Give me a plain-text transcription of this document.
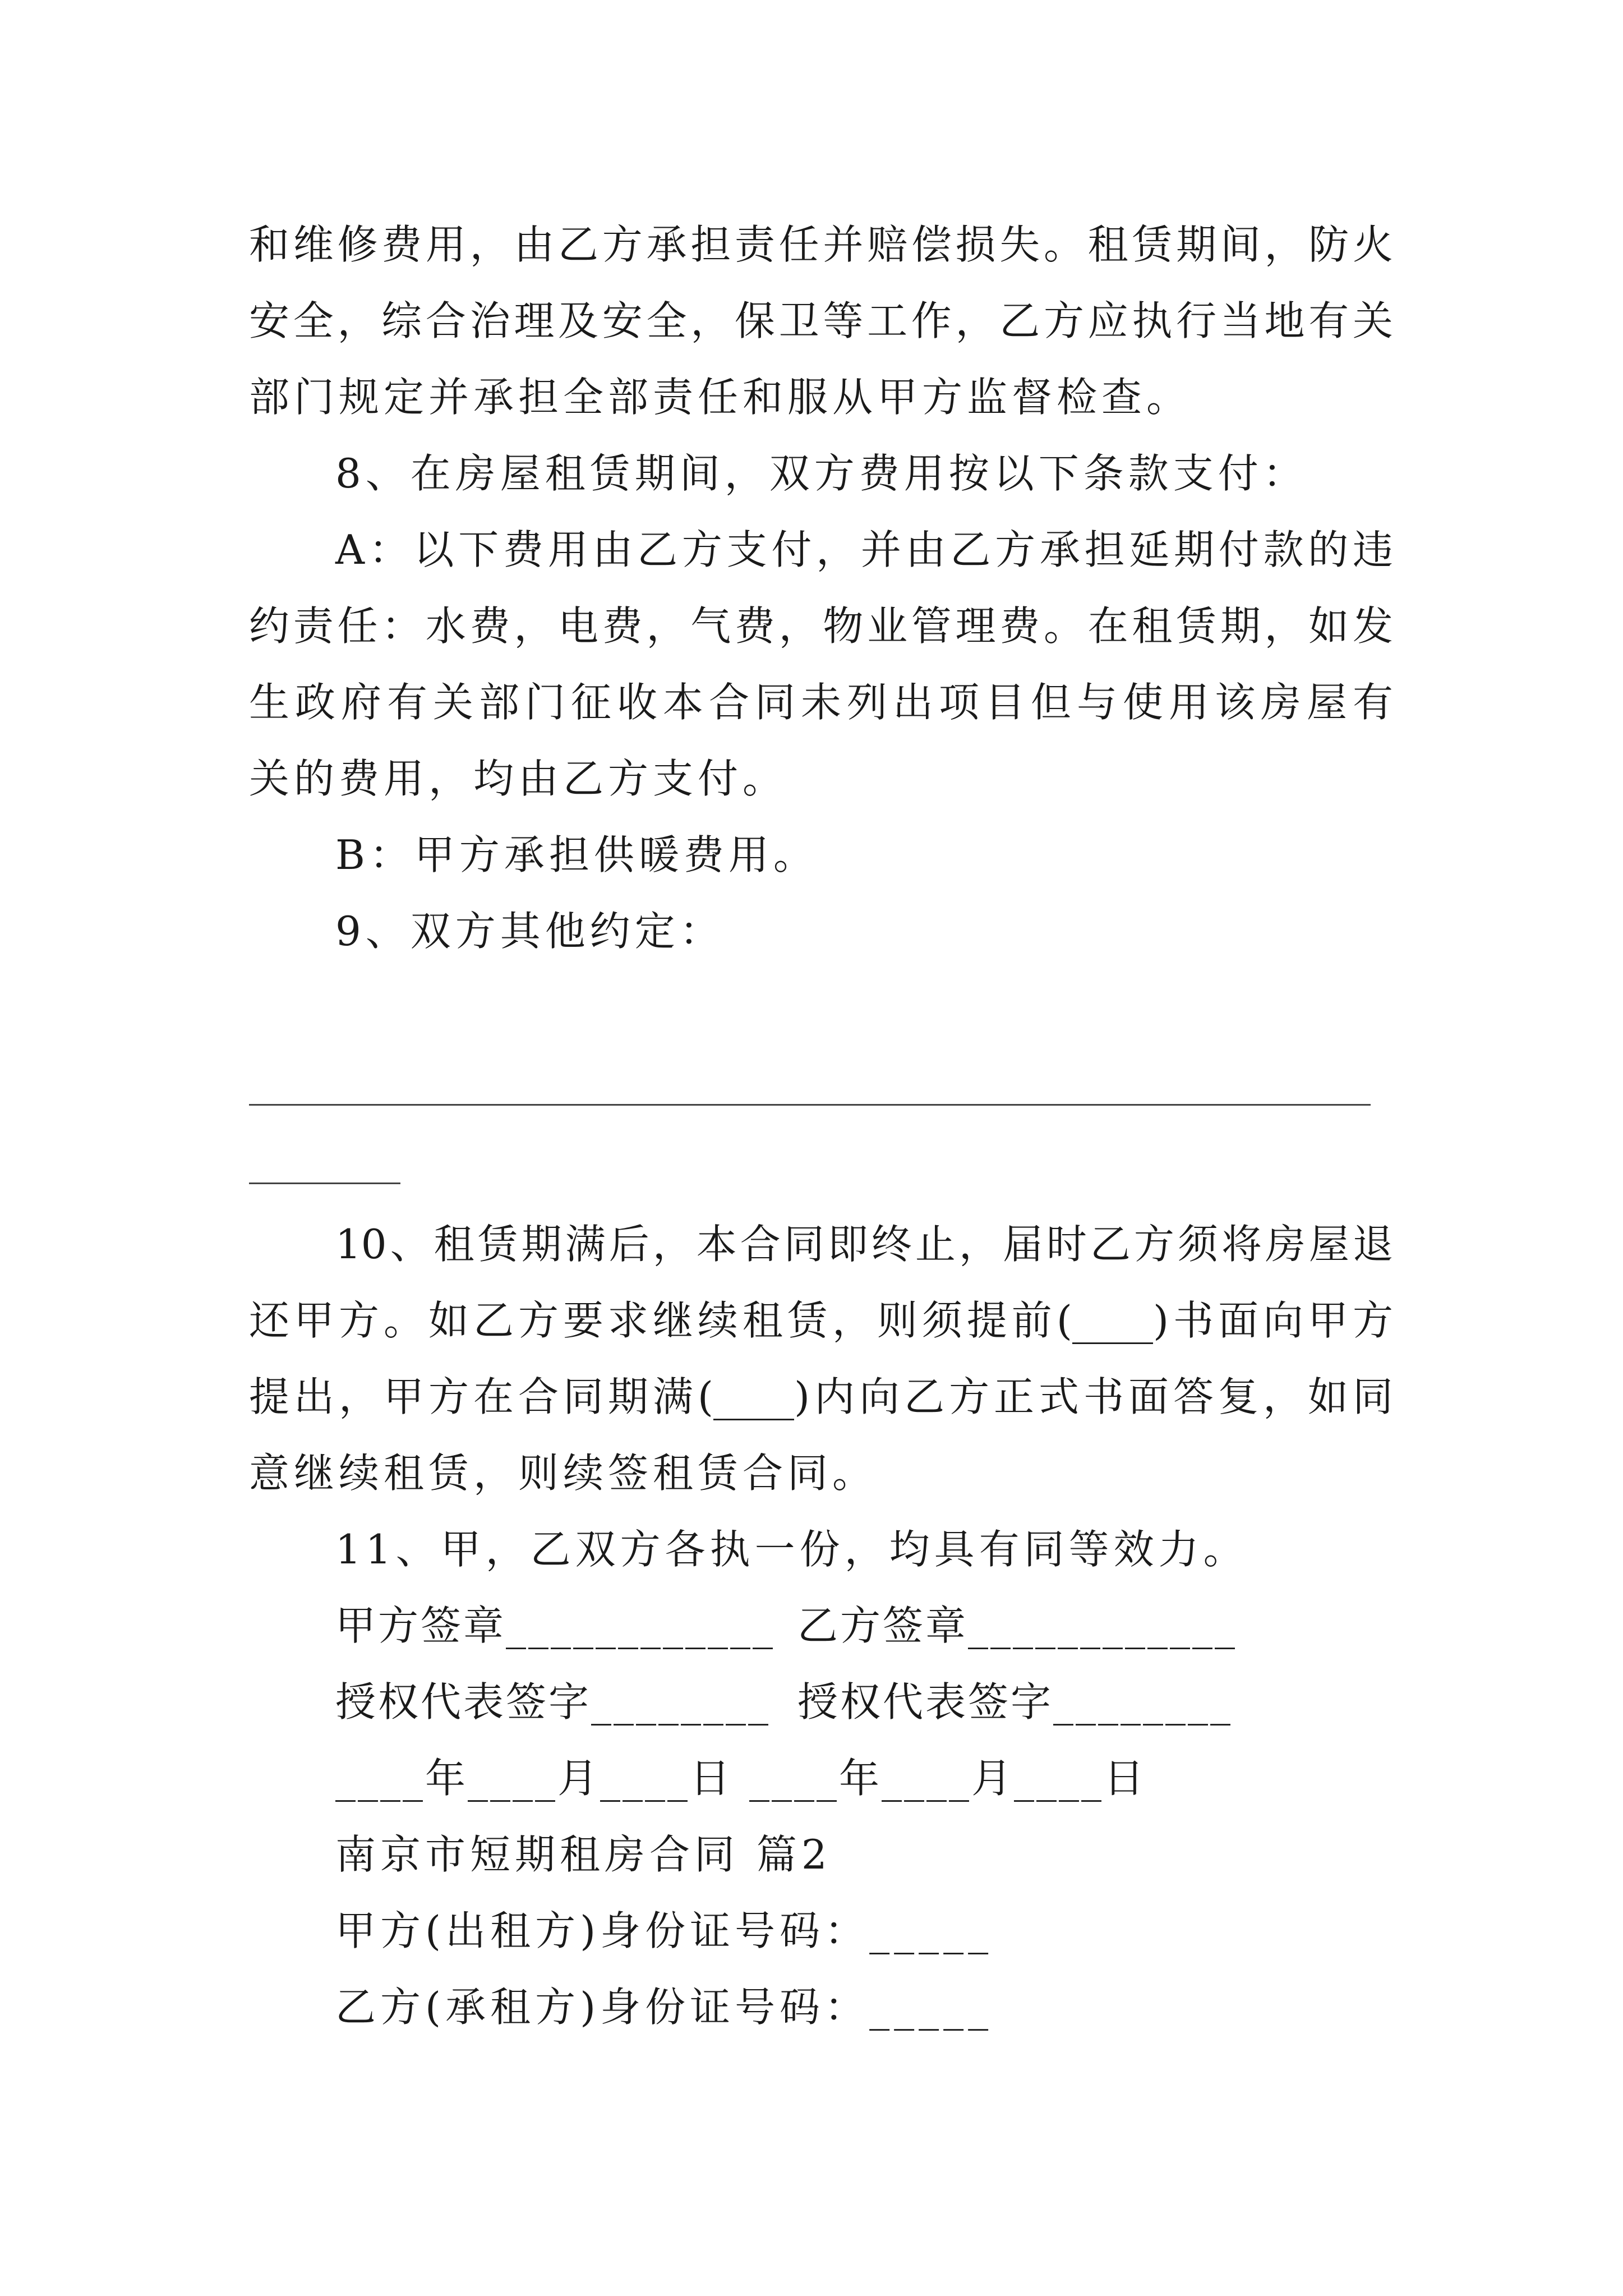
和维修费用，由乙方承担责任并赔偿损失。租赁期间，防火
安全，综合治理及安全，保卫等工作，乙方应执行当地有关
部门规定并承担全部责任和服从甲方监督检查。
8、在房屋租赁期间，双方费用按以下条款支付：
A：以下费用由乙方支付，并由乙方承担延期付款的违
约责任：水费，电费，气费，物业管理费。在租赁期，如发
生政府有关部门征收本合同未列出项目但与使用该房屋有
关的费用，均由乙方支付。
B：甲方承担供暖费用。
9、双方其他约定：
10、租赁期满后，本合同即终止，届时乙方须将房屋退
还甲方。如乙方要求继续租赁，则须提前(____)书面向甲方
提出，甲方在合同期满(____)内向乙方正式书面答复，如同
意继续租赁，则续签租赁合同。
11、甲，乙双方各执一份，均具有同等效力。
甲方签章____________ 乙方签章____________
授权代表签字________ 授权代表签字________
____年____月____日 ____年____月____日
南京市短期租房合同 篇2
甲方(出租方)身份证号码：_____
乙方(承租方)身份证号码：_____
